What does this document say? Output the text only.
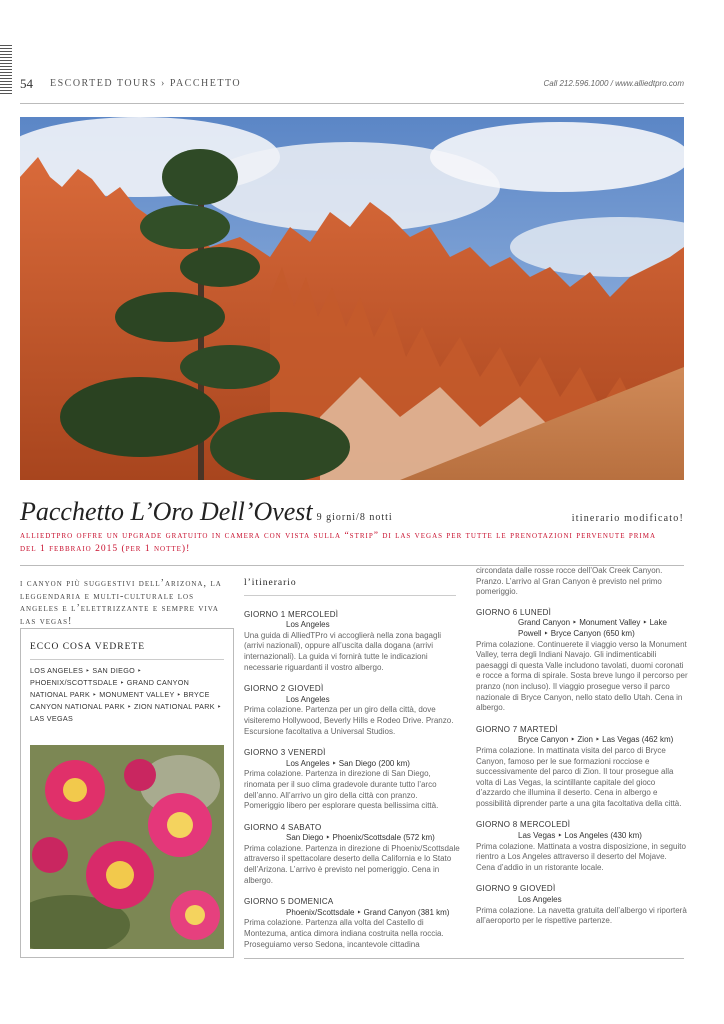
54 ESCORTED TOURS › PACCHETTO	Call 212.596.1000 / www.alliedtpro.com
Pacchetto L’Oro Dell’Ovest 9 giorni/8 notti	itinerario modificato!
alliedtpro offre un upgrade gratuito in camera con vista sulla “strip” di las vegas per tutte le prenotazioni pervenute prima del 1 febbraio 2015 (per 1 notte)!
i canyon più suggestivi dell’arizona, la leggendaria e multi-culturale los angeles e l’elettrizzante e sempre viva las vegas!
ECCO COSA VEDRETE
LOS ANGELES ‣ SAN DIEGO ‣ PHOENIX/SCOTTSDALE ‣ GRAND CANYON NATIONAL PARK ‣ MONUMENT VALLEY ‣ BRYCE CANYON NATIONAL PARK ‣ ZION NATIONAL PARK ‣ LAS VEGAS
l’itinerario
GIORNO 1 MERCOLEDÌ
Los Angeles
Una guida di AlliedTPro vi accoglierà nella zona bagagli (arrivi nazionali), oppure all’uscita dalla dogana (arrivi internazionali). La guida vi fornirà tutte le indicazioni necessarie riguardanti il vostro albergo.
GIORNO 2 GIOVEDÌ
Los Angeles
Prima colazione. Partenza per un giro della città, dove visiteremo Hollywood, Beverly Hills e Rodeo Drive. Pranzo. Escursione facoltativa a Universal Studios.
GIORNO 3 VENERDÌ
Los Angeles ‣ San Diego (200 km)
Prima colazione. Partenza in direzione di San Diego, rinomata per il suo clima gradevole durante tutto l’arco dell’anno. All’arrivo un giro della città con pranzo. Pomeriggio libero per esplorare questa bellissima città.
GIORNO 4 SABATO
San Diego ‣ Phoenix/Scottsdale (572 km)
Prima colazione. Partenza in direzione di Phoenix/Scottsdale attraverso il spettacolare deserto della California e lo Stato dell’Arizona. L’arrivo è previsto nel pomeriggio. Cena in albergo.
GIORNO 5 DOMENICA
Phoenix/Scottsdale ‣ Grand Canyon (381 km)
Prima colazione. Partenza alla volta del Castello di Montezuma, antica dimora indiana costruita nella roccia. Proseguiamo verso Sedona, incantevole cittadina
circondata dalle rosse rocce dell’Oak Creek Canyon. Pranzo. L’arrivo al Gran Canyon è previsto nel primo pomeriggio.
GIORNO 6 LUNEDÌ
Grand Canyon ‣ Monument Valley ‣ Lake Powell ‣ Bryce Canyon (650 km)
Prima colazione. Continuerete il viaggio verso la Monument Valley, terra degli Indiani Navajo. Gli indimenticabili paesaggi di questa Valle includono tavolati, duomi coronati e rocce a forma di spirale. Sosta breve lungo il percorso per pranzo (non incluso). Il viaggio prosegue verso il parco nazionale di Bryce Canyon, nello stato dello Utah. Cena in albergo.
GIORNO 7 MARTEDÌ
Bryce Canyon ‣ Zion ‣ Las Vegas (462 km)
Prima colazione. In mattinata visita del parco di Bryce Canyon, famoso per le sue formazioni rocciose e successivamente del parco di Zion. Il tour prosegue alla volta di Las Vegas, la scintillante capitale del gioco d’azzardo che illumina il deserto. Cena in albergo e possibilità diprender parte a una gita facoltativa della città.
GIORNO 8 MERCOLEDÌ
Las Vegas ‣ Los Angeles (430 km)
Prima colazione. Mattinata a vostra disposizione, in seguito rientro a Los Angeles attraverso il deserto del Mojave. Cena d’addio in un ristorante locale.
GIORNO 9 GIOVEDÌ
Los Angeles
Prima colazione. La navetta gratuita dell’albergo vi riporterà all’aeroporto per le rispettive partenze.
